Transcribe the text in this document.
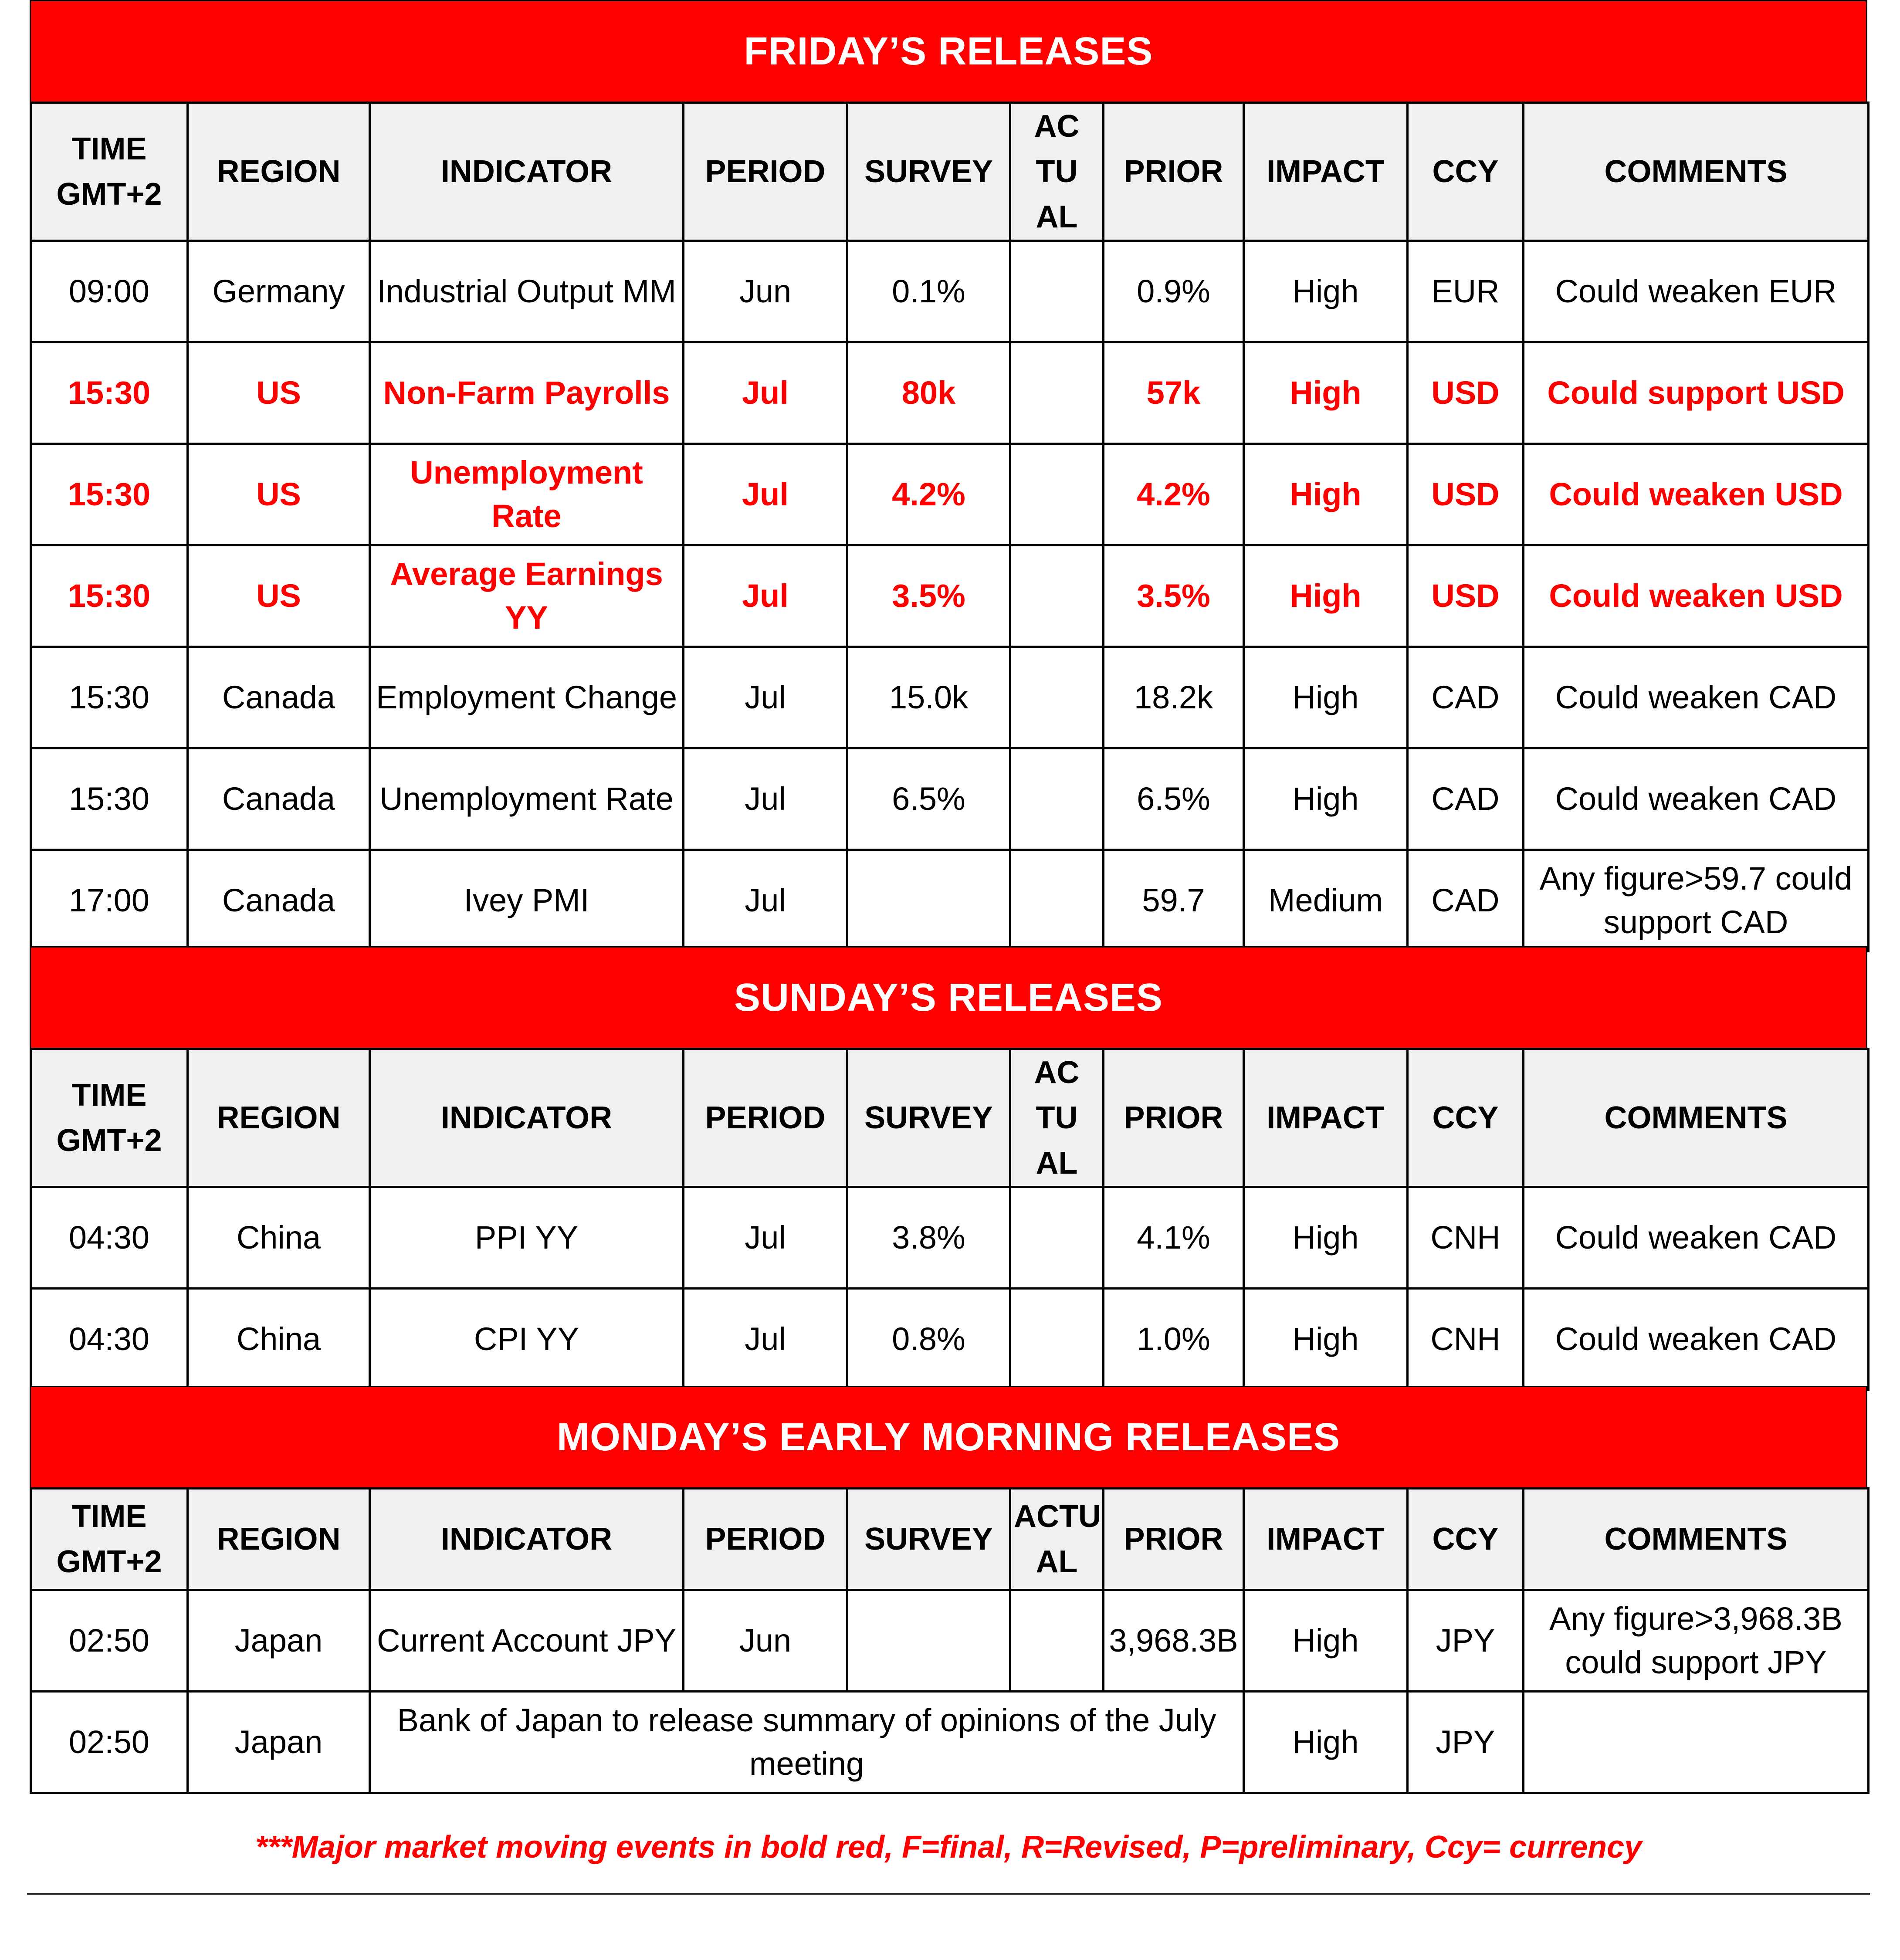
FRIDAY’S RELEASES
TIME GMT+2	REGION	INDICATOR	PERIOD	SURVEY	AC TU AL	PRIOR	IMPACT	CCY	COMMENTS
09:00	Germany	Industrial Output MM	Jun	0.1%		0.9%	High	EUR	Could weaken EUR
15:30	US	Non-Farm Payrolls	Jul	80k		57k	High	USD	Could support USD
15:30	US	Unemployment Rate	Jul	4.2%		4.2%	High	USD	Could weaken USD
15:30	US	Average Earnings YY	Jul	3.5%		3.5%	High	USD	Could weaken USD
15:30	Canada	Employment Change	Jul	15.0k		18.2k	High	CAD	Could weaken CAD
15:30	Canada	Unemployment Rate	Jul	6.5%		6.5%	High	CAD	Could weaken CAD
17:00	Canada	Ivey PMI	Jul			59.7	Medium	CAD	Any figure>59.7 could support CAD
SUNDAY’S RELEASES
TIME GMT+2	REGION	INDICATOR	PERIOD	SURVEY	AC TU AL	PRIOR	IMPACT	CCY	COMMENTS
04:30	China	PPI YY	Jul	3.8%		4.1%	High	CNH	Could weaken CAD
04:30	China	CPI YY	Jul	0.8%		1.0%	High	CNH	Could weaken CAD
MONDAY’S EARLY MORNING RELEASES
TIME GMT+2	REGION	INDICATOR	PERIOD	SURVEY	ACTU AL	PRIOR	IMPACT	CCY	COMMENTS
02:50	Japan	Current Account JPY	Jun			3,968.3B	High	JPY	Any figure>3,968.3B could support JPY
02:50	Japan	Bank of Japan to release summary of opinions of the July meeting					High	JPY	
***Major market moving events in bold red, F=final, R=Revised, P=preliminary, Ccy= currency
